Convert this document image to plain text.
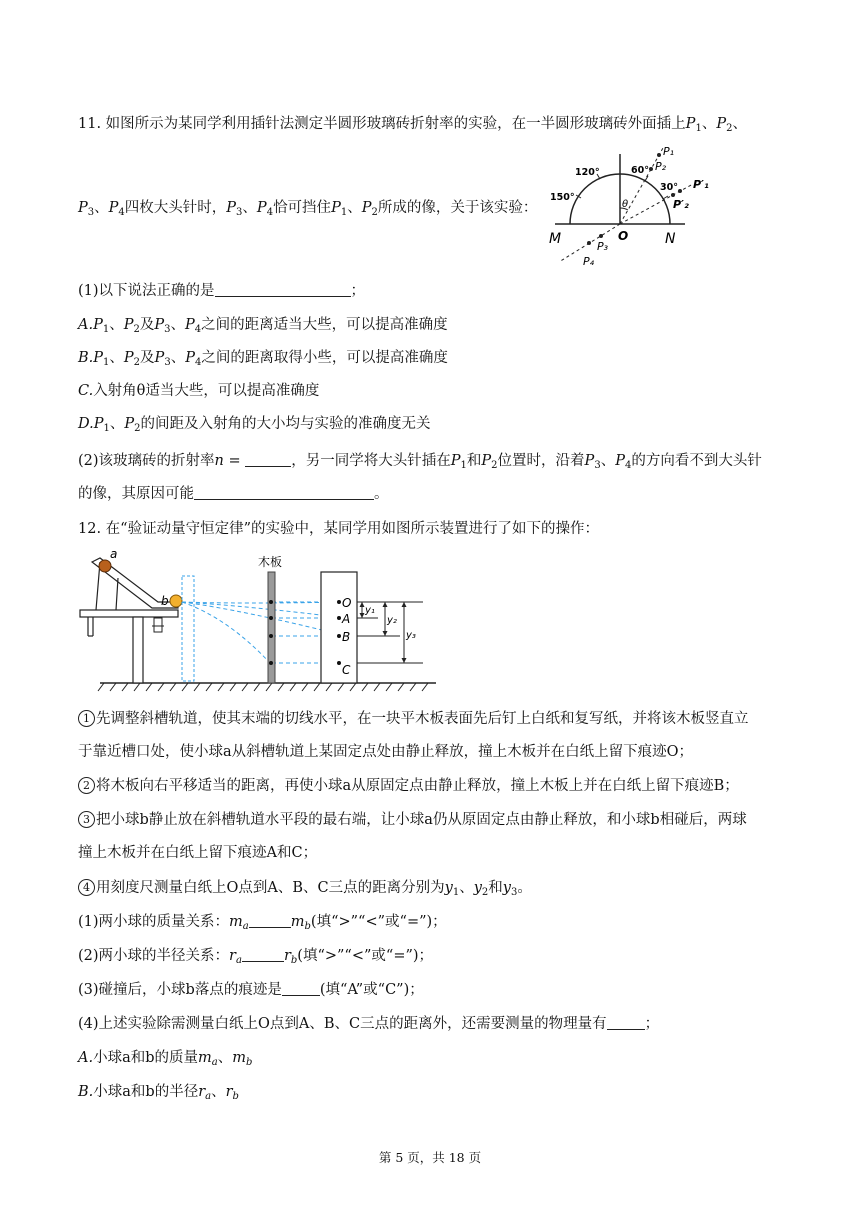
11. 如图所示为某同学利用插针法测定半圆形玻璃砖折射率的实验，在一半圆形玻璃砖外面插上$P_1$、$P_2$、
$P_3$、$P_4$四枚大头针时，$P_3$、$P_4$恰可挡住$P_1$、$P_2$所成的像，关于该实验：
120°
150°
60°
30°
θ
M	O	N
P₁
P₂
P′₁
P′₂
P₃
P₄
(1)以下说法正确的是	；
$A.P_1$、$P_2$及$P_3$、$P_4$之间的距离适当大些，可以提高准确度
$B.P_1$、$P_2$及$P_3$、$P_4$之间的距离取得小些，可以提高准确度
C.入射角θ适当大些，可以提高准确度
$D.P_1$、$P_2$的间距及入射角的大小均与实验的准确度无关
(2)该玻璃砖的折射率n =	，另一同学将大头针插在$P_1$和$P_2$位置时，沿着$P_3$、$P_4$的方向看不到大头针
的像，其原因可能	。
12. 在“验证动量守恒定律”的实验中，某同学用如图所示装置进行了如下的操作：
a
b
木板
O
A
B
C
y₁
y₂
y₃
1 先调整斜槽轨道，使其末端的切线水平，在一块平木板表面先后钉上白纸和复写纸，并将该木板竖直立
于靠近槽口处，使小球a从斜槽轨道上某固定点处由静止释放，撞上木板并在白纸上留下痕迹O；
2 将木板向右平移适当的距离，再使小球a从原固定点由静止释放，撞上木板上并在白纸上留下痕迹B；
3 把小球b静止放在斜槽轨道水平段的最右端，让小球a仍从原固定点由静止释放，和小球b相碰后，两球
撞上木板并在白纸上留下痕迹A和C；
4 用刻度尺测量白纸上O点到A、B、C三点的距离分别为$y_1$、$y_2$和$y_3$。
(1)两小球的质量关系：$m_a$	$m_b$(填“>”“<”或“=”)；
(2)两小球的半径关系：$r_a$	$r_b$(填“>”“<”或“=”)；
(3)碰撞后，小球b落点的痕迹是	(填“A”或“C”)；
(4)上述实验除需测量白纸上O点到A、B、C三点的距离外，还需要测量的物理量有	；
A.小球a和b的质量$m_a$、$m_b$
B.小球a和b的半径$r_a$、$r_b$
第 5 页，共 18 页
